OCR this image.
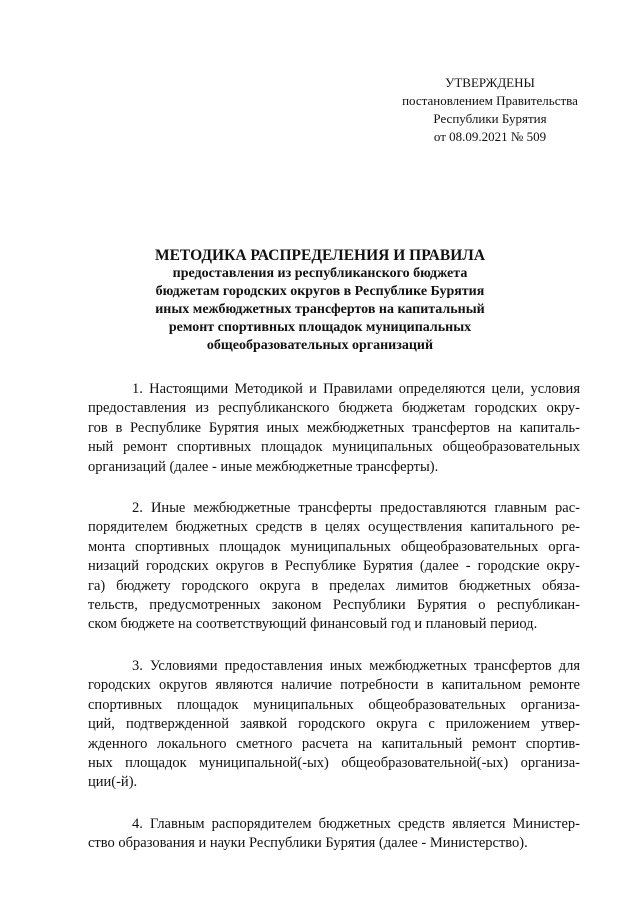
УТВЕРЖДЕНЫ
постановлением Правительства
Республики Бурятия
от 08.09.2021 № 509
МЕТОДИКА РАСПРЕДЕЛЕНИЯ И ПРАВИЛА
предоставления из республиканского бюджета
бюджетам городских округов в Республике Бурятия
иных межбюджетных трансфертов на капитальный
ремонт спортивных площадок муниципальных
общеобразовательных организаций
1. Настоящими Методикой и Правилами определяются цели, условия
предоставления из республиканского бюджета бюджетам городских окру-
гов в Республике Бурятия иных межбюджетных трансфертов на капиталь-
ный ремонт спортивных площадок муниципальных общеобразовательных
организаций (далее - иные межбюджетные трансферты).
2. Иные межбюджетные трансферты предоставляются главным рас-
порядителем бюджетных средств в целях осуществления капитального ре-
монта спортивных площадок муниципальных общеобразовательных орга-
низаций городских округов в Республике Бурятия (далее - городские окру-
га) бюджету городского округа в пределах лимитов бюджетных обяза-
тельств, предусмотренных законом Республики Бурятия о республикан-
ском бюджете на соответствующий финансовый год и плановый период.
3. Условиями предоставления иных межбюджетных трансфертов для
городских округов являются наличие потребности в капитальном ремонте
спортивных площадок муниципальных общеобразовательных организа-
ций, подтвержденной заявкой городского округа с приложением утвер-
жденного локального сметного расчета на капитальный ремонт спортив-
ных площадок муниципальной(-ых) общеобразовательной(-ых) организа-
ции(-й).
4. Главным распорядителем бюджетных средств является Министер-
ство образования и науки Республики Бурятия (далее - Министерство).
